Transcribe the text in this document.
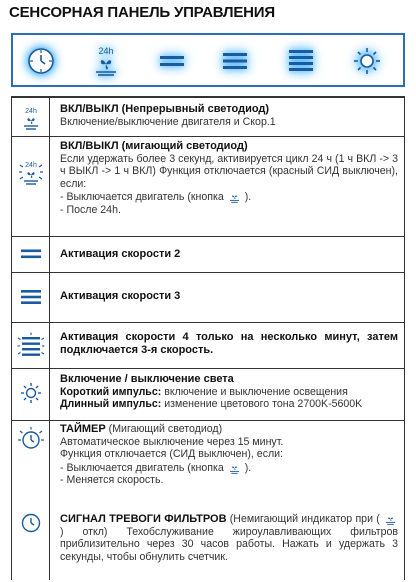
СЕНСОРНАЯ ПАНЕЛЬ УПРАВЛЕНИЯ
24h
24h ВКЛ/ВЫКЛ (Непрерывный светодиод)
Включение/выключение двигателя и Скор.1
24h
ВКЛ/ВЫКЛ (мигающий светодиод)
Если удержать более 3 секунд, активируется цикл 24 ч (1 ч ВКЛ -> 3 ч ВЫКЛ -> 1 ч ВКЛ) Функция отключается (красный СИД выключен), если:
- Выключается двигатель (кнопка ).
- После 24h.
Активация скорости 2
Активация скорости 3
Активация скорости 4 только на несколько минут, затем подключается 3-я скорость.
Включение / выключение света
Короткий импульс: включение и выключение освещения
Длинный импульс: изменение цветового тона 2700K-5600K
ТАЙМЕР (Мигающий светодиод)
Автоматическое выключение через 15 минут.
Функция отключается (СИД выключен), если:
- Выключается двигатель (кнопка ).
- Меняется скорость.
СИГНАЛ ТРЕВОГИ ФИЛЬТРОВ (Немигающий индикатор при (  ) откл) Техобслуживание жироулавливающих фильтров приблизительно через 30 часов работы. Нажать и удержать 3 секунды, чтобы обнулить счетчик.
